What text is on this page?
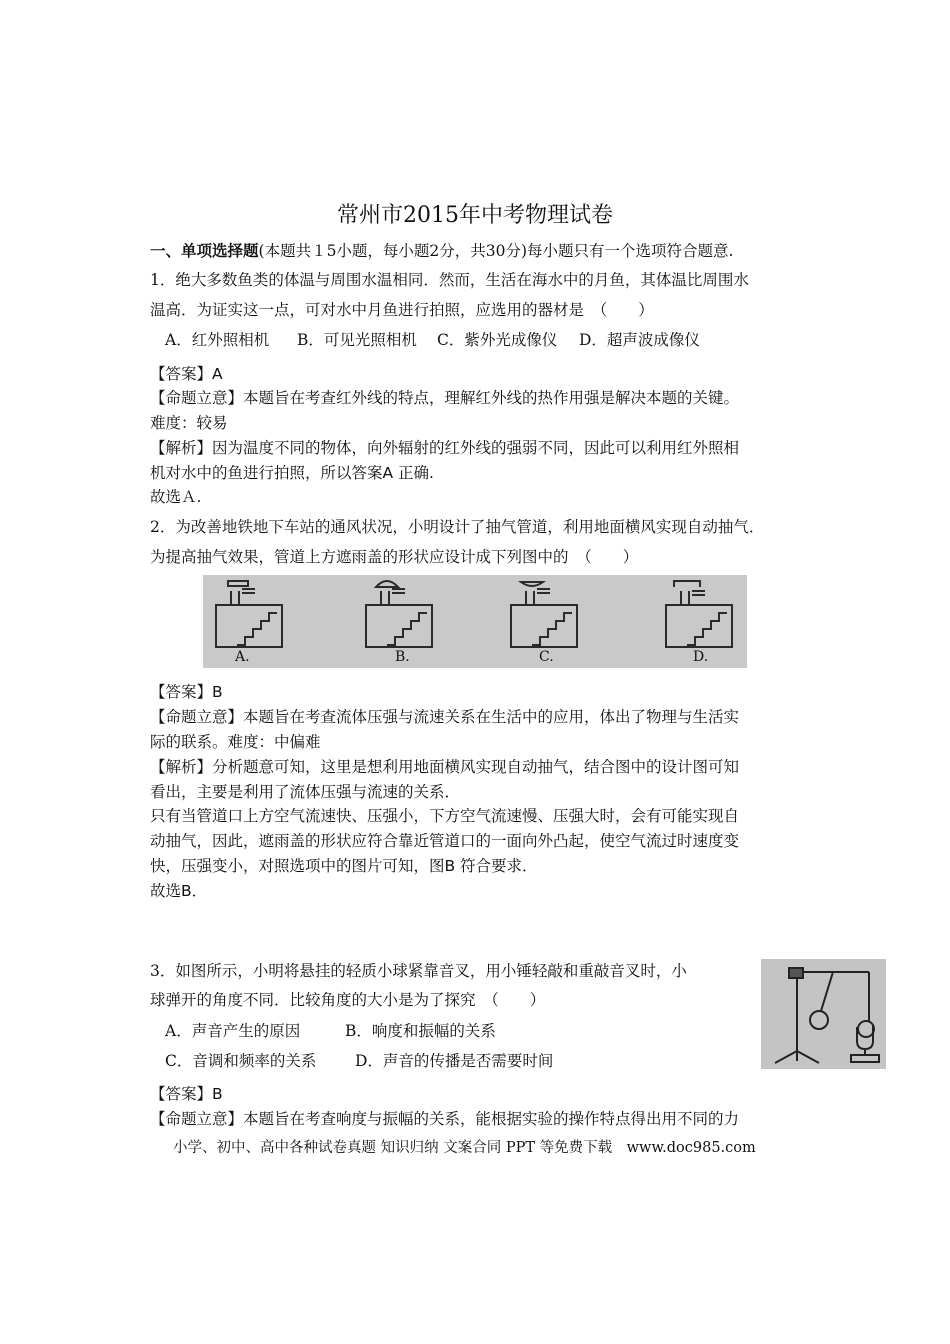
常州市2015年中考物理试卷
一、单项选择题(本题共１5小题，每小题2分，共30分)每小题只有一个选项符合题意.
1．绝大多数鱼类的体温与周围水温相同．然而，生活在海水中的月鱼，其体温比周围水
温高．为证实这一点，可对水中月鱼进行拍照，应选用的器材是　（　　）
A．红外照相机 B．可见光照相机 C．紫外光成像仪 D．超声波成像仪
【答案】A
【命题立意】本题旨在考查红外线的特点，理解红外线的热作用强是解决本题的关键。
难度：较易
【解析】因为温度不同的物体，向外辐射的红外线的强弱不同，因此可以利用红外照相
机对水中的鱼进行拍照，所以答案A 正确.
故选Ａ.
2．为改善地铁地下车站的通风状况，小明设计了抽气管道，利用地面横风实现自动抽气．
为提高抽气效果，管道上方遮雨盖的形状应设计成下列图中的　（　　）
A.	B.	C.	D.
【答案】B
【命题立意】本题旨在考查流体压强与流速关系在生活中的应用，体出了物理与生活实
际的联系。难度：中偏难
【解析】分析题意可知，这里是想利用地面横风实现自动抽气，结合图中的设计图可知
看出，主要是利用了流体压强与流速的关系．
只有当管道口上方空气流速快、压强小，下方空气流速慢、压强大时，会有可能实现自
动抽气，因此，遮雨盖的形状应符合靠近管道口的一面向外凸起，使空气流过时速度变
快，压强变小，对照选项中的图片可知，图B 符合要求．
故选B．
3．如图所示，小明将悬挂的轻质小球紧靠音叉，用小锤轻敲和重敲音叉时，小
球弹开的角度不同．比较角度的大小是为了探究　（　　）
A．声音产生的原因	B．响度和振幅的关系
C．音调和频率的关系 D．声音的传播是否需要时间
【答案】B
【命题立意】本题旨在考查响度与振幅的关系，能根据实验的操作特点得出用不同的力
小学、初中、高中各种试卷真题 知识归纳 文案合同 PPT 等免费下载　www.doc985.com
